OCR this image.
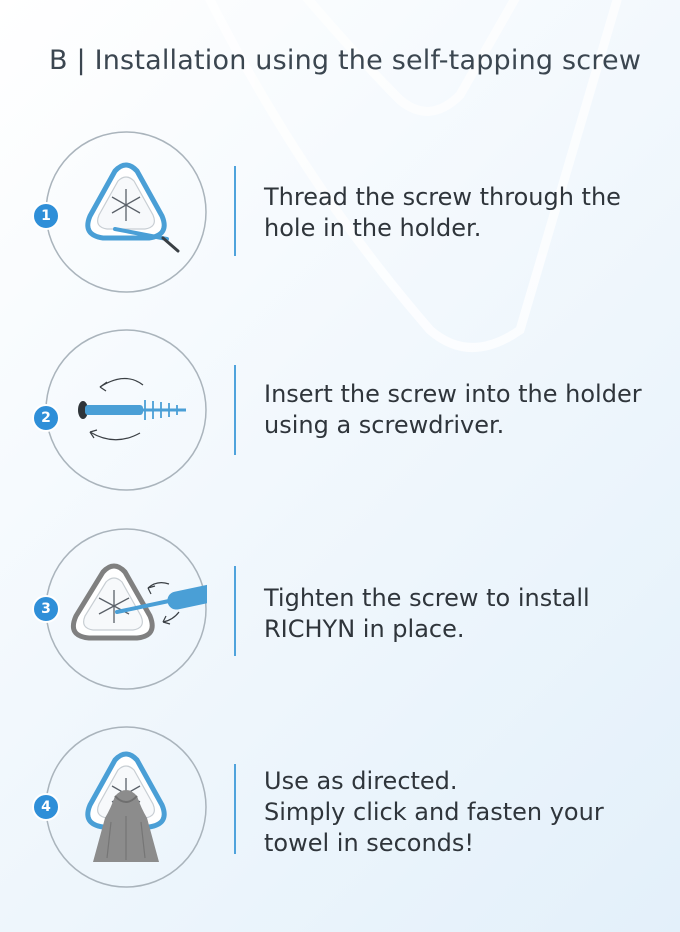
B | Installation using the self-tapping screw
1
Thread the screw through the
hole in the holder.
2
Insert the screw into the holder
using a screwdriver.
3	Tighten the screw to install
RICHYN in place.
4
Use as directed.
Simply click and fasten your
towel in seconds!
